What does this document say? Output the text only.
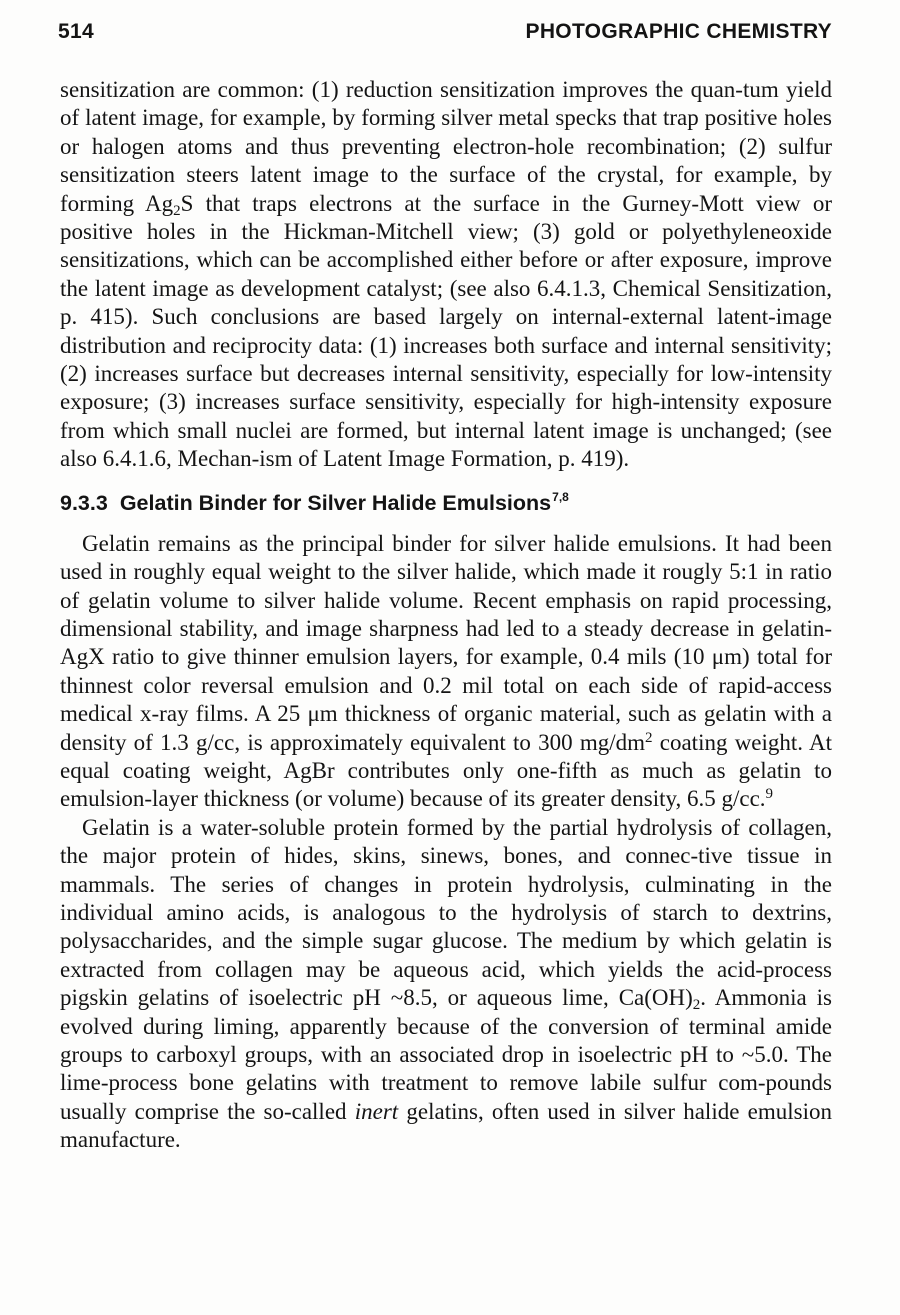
514	PHOTOGRAPHIC CHEMISTRY

sensitization are common: (1) reduction sensitization improves the quan-tum yield of latent image, for example, by forming silver metal specks that trap positive holes or halogen atoms and thus preventing electron-hole recombination; (2) sulfur sensitization steers latent image to the surface of the crystal, for example, by forming $Ag_2S$ that traps electrons at the surface in the Gurney-Mott view or positive holes in the Hickman-Mitchell view; (3) gold or polyethyleneoxide sensitizations, which can be accomplished either before or after exposure, improve the latent image as development catalyst; (see also 6.4.1.3, Chemical Sensitization, p. 415). Such conclusions are based largely on internal-external latent-image distribution and reciprocity data: (1) increases both surface and internal sensitivity; (2) increases surface but decreases internal sensitivity, especially for low-intensity exposure; (3) increases surface sensitivity, especially for high-intensity exposure from which small nuclei are formed, but internal latent image is unchanged; (see also 6.4.1.6, Mechan-ism of Latent Image Formation, p. 419).

9.3.3 Gelatin Binder for Silver Halide Emulsions$^{7,8}$

Gelatin remains as the principal binder for silver halide emulsions. It had been used in roughly equal weight to the silver halide, which made it rougly 5:1 in ratio of gelatin volume to silver halide volume. Recent emphasis on rapid processing, dimensional stability, and image sharpness had led to a steady decrease in gelatin-AgX ratio to give thinner emulsion layers, for example, 0.4 mils (10 μm) total for thinnest color reversal emulsion and 0.2 mil total on each side of rapid-access medical x-ray films. A 25 μm thickness of organic material, such as gelatin with a density of 1.3 g/cc, is approximately equivalent to 300 $mg/dm^2$ coating weight. At equal coating weight, AgBr contributes only one-fifth as much as gelatin to emulsion-layer thickness (or volume) because of its greater density, 6.5 g/cc.$^9$

Gelatin is a water-soluble protein formed by the partial hydrolysis of collagen, the major protein of hides, skins, sinews, bones, and connec-tive tissue in mammals. The series of changes in protein hydrolysis, culminating in the individual amino acids, is analogous to the hydrolysis of starch to dextrins, polysaccharides, and the simple sugar glucose. The medium by which gelatin is extracted from collagen may be aqueous acid, which yields the acid-process pigskin gelatins of isoelectric pH ~8.5, or aqueous lime, $Ca(OH)_2$. Ammonia is evolved during liming, apparently because of the conversion of terminal amide groups to carboxyl groups, with an associated drop in isoelectric pH to ~5.0. The lime-process bone gelatins with treatment to remove labile sulfur com-pounds usually comprise the so-called inert gelatins, often used in silver halide emulsion manufacture.
